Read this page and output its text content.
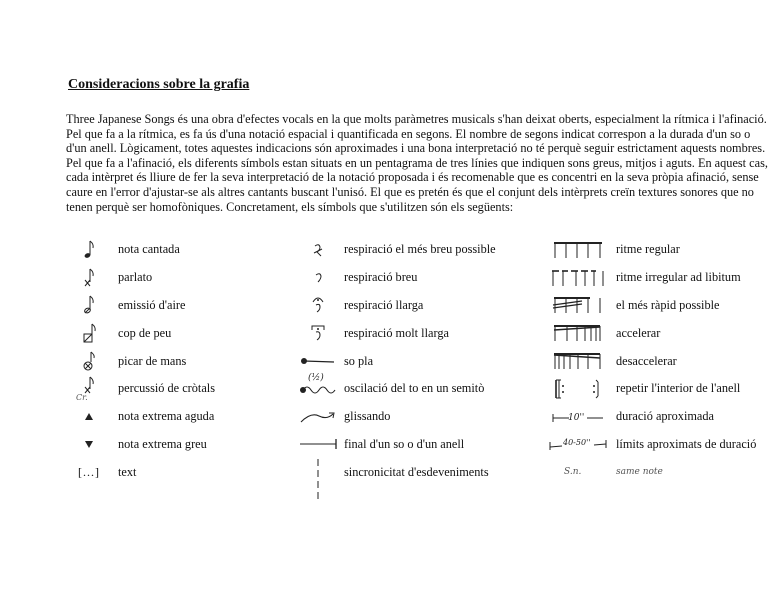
Consideracions sobre la grafia

Three Japanese Songs és una obra d'efectes vocals en la que molts paràmetres musicals s'han deixat oberts, especialment la rítmica i l'afinació. Pel que fa a la rítmica, es fa ús d'una notació espacial i quantificada en segons. El nombre de segons indicat correspon a la durada d'un so o d'un anell. Lògicament, totes aquestes indicacions són aproximades i una bona interpretació no té perquè seguir estrictament aquests nombres. Pel que fa a l'afinació, els diferents símbols estan situats en un pentagrama de tres línies que indiquen sons greus, mitjos i aguts. En aquest cas, cada intèrpret és lliure de fer la seva interpretació de la notació proposada i és recomenable que es concentri en la seva pròpia afinació, sense caure en l'error d'ajustar-se als altres cantants buscant l'unisó. El que es pretén és que el conjunt dels intèrprets creïn textures sonores que no tenen perquè ser homofòniques. Concretament, els símbols que s'utilitzen són els següents:

nota cantada
parlato
emissió d'aire
cop de peu
picar de mans
Cr.
percussió de cròtals
nota extrema aguda
nota extrema greu
[...] text
respiració el més breu possible
respiració breu
respiració llarga
respiració molt llarga
so pla
(½)
oscilació del to en un semitò
glissando
final d'un so o d'un anell
sincronicitat d'esdeveniments
ritme regular
ritme irregular ad libitum
el més ràpid possible
accelerar
desaccelerar
repetir l'interior de l'anell
10''	duració aproximada
40-50'' límits aproximats de duració
S.n.	same note
